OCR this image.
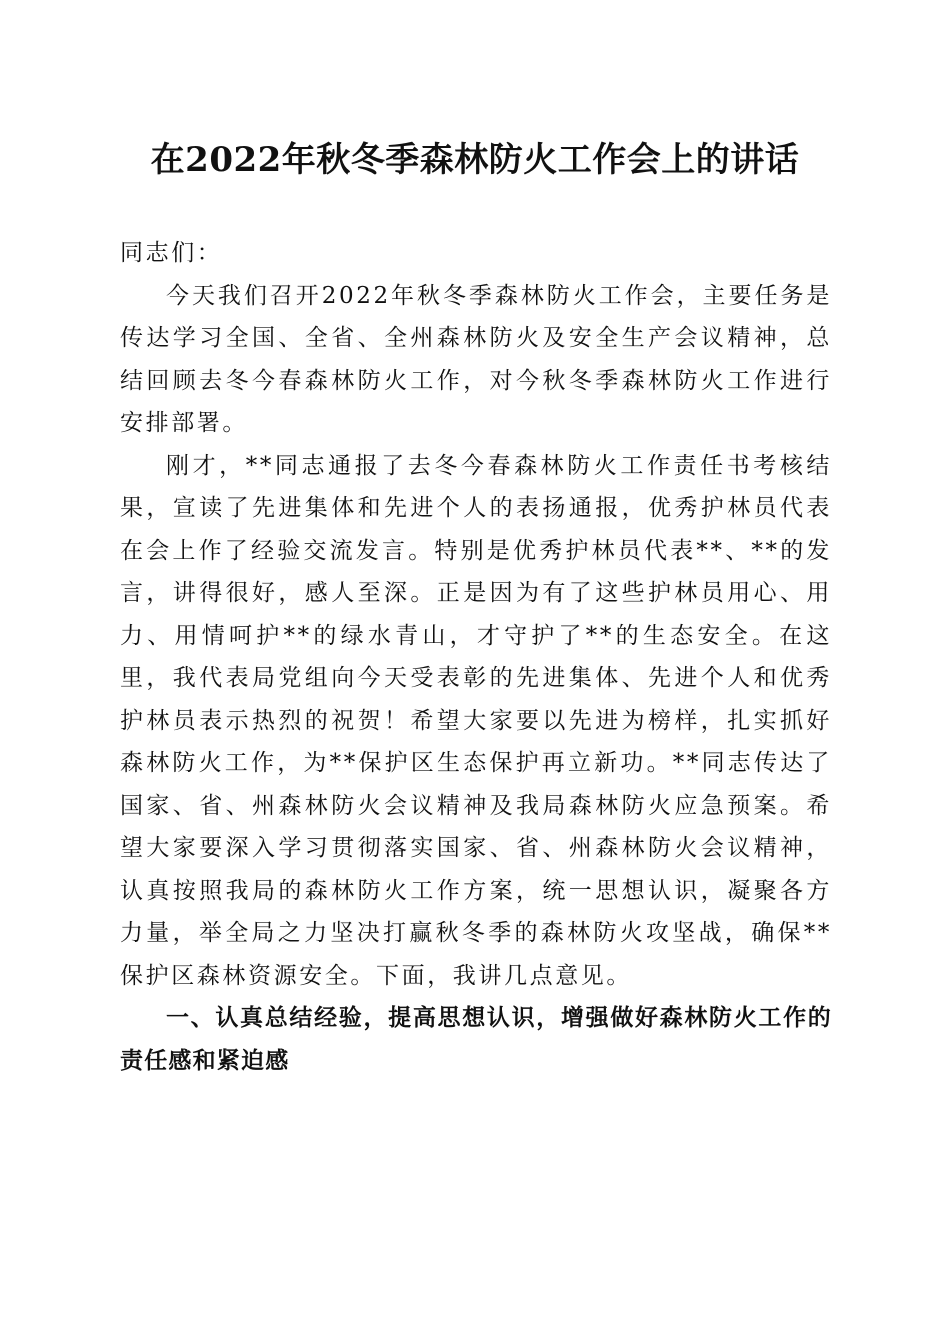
在2022年秋冬季森林防火工作会上的讲话

同志们：

今天我们召开2022年秋冬季森林防火工作会，主要任务是传达学习全国、全省、全州森林防火及安全生产会议精神，总结回顾去冬今春森林防火工作，对今秋冬季森林防火工作进行安排部署。

刚才，**同志通报了去冬今春森林防火工作责任书考核结果，宣读了先进集体和先进个人的表扬通报，优秀护林员代表在会上作了经验交流发言。特别是优秀护林员代表**、**的发言，讲得很好，感人至深。正是因为有了这些护林员用心、用力、用情呵护**的绿水青山，才守护了**的生态安全。在这里，我代表局党组向今天受表彰的先进集体、先进个人和优秀护林员表示热烈的祝贺！希望大家要以先进为榜样，扎实抓好森林防火工作，为**保护区生态保护再立新功。**同志传达了国家、省、州森林防火会议精神及我局森林防火应急预案。希望大家要深入学习贯彻落实国家、省、州森林防火会议精神，认真按照我局的森林防火工作方案，统一思想认识，凝聚各方力量，举全局之力坚决打赢秋冬季的森林防火攻坚战，确保**保护区森林资源安全。下面，我讲几点意见。

一、认真总结经验，提高思想认识，增强做好森林防火工作的责任感和紧迫感
